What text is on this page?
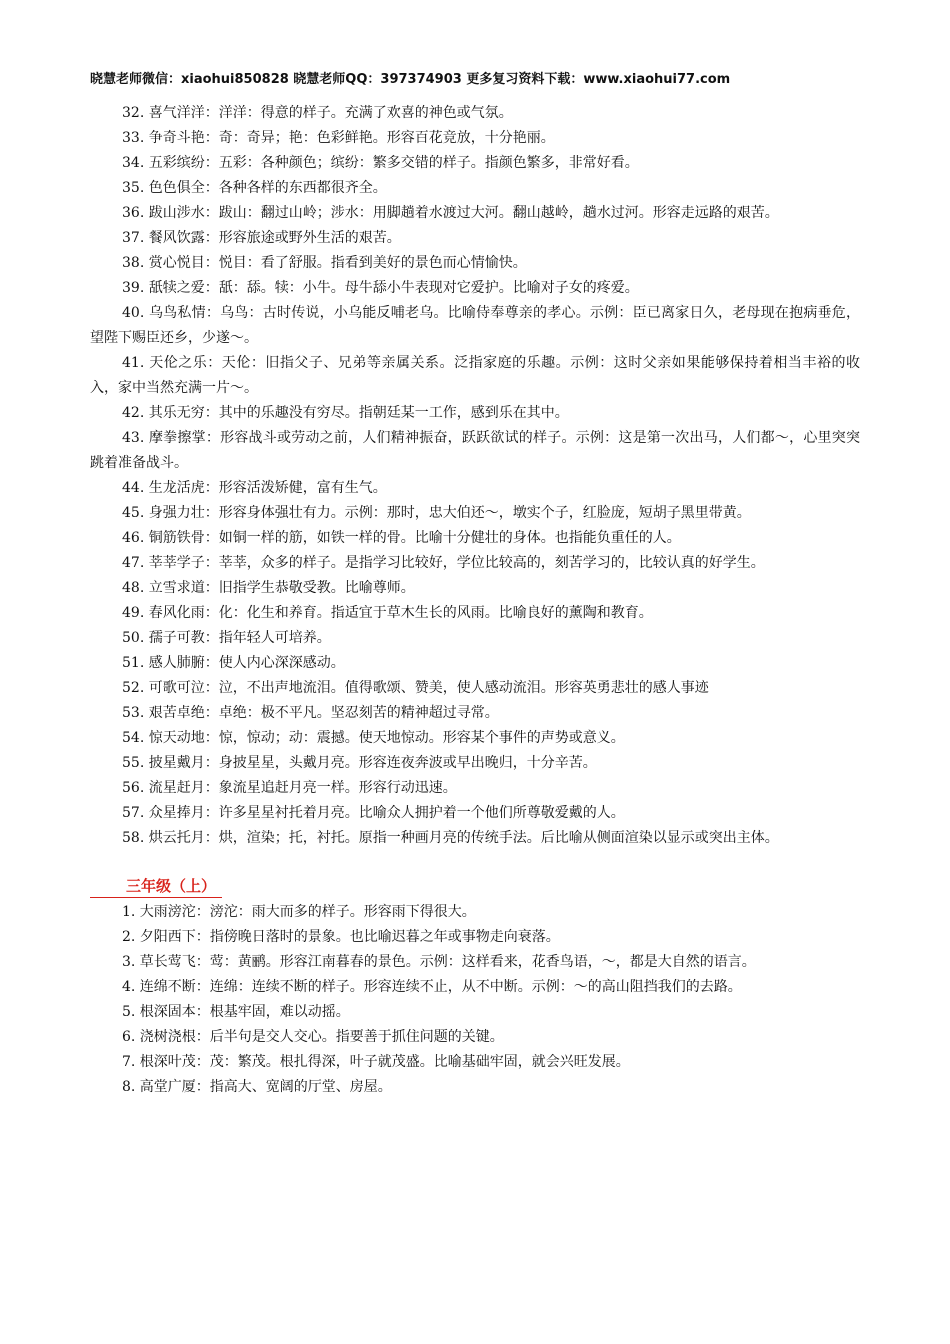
晓慧老师微信：xiaohui850828 晓慧老师QQ：397374903 更多复习资料下载：www.xiaohui77.com

32. 喜气洋洋：洋洋：得意的样子。充满了欢喜的神色或气氛。

33. 争奇斗艳：奇：奇异；艳：色彩鲜艳。形容百花竞放，十分艳丽。

34. 五彩缤纷：五彩：各种颜色；缤纷：繁多交错的样子。指颜色繁多，非常好看。

35. 色色俱全：各种各样的东西都很齐全。

36. 跋山涉水：跋山：翻过山岭；涉水：用脚趟着水渡过大河。翻山越岭，趟水过河。形容走远路的艰苦。

37. 餐风饮露：形容旅途或野外生活的艰苦。

38. 赏心悦目：悦目：看了舒服。指看到美好的景色而心情愉快。

39. 舐犊之爱：舐：舔。犊：小牛。母牛舔小牛表现对它爱护。比喻对子女的疼爱。

40. 乌鸟私情：乌鸟：古时传说，小乌能反哺老乌。比喻侍奉尊亲的孝心。示例：臣已离家日久，老母现在抱病垂危，望陛下赐臣还乡，少遂～。

41. 天伦之乐：天伦：旧指父子、兄弟等亲属关系。泛指家庭的乐趣。示例：这时父亲如果能够保持着相当丰裕的收入，家中当然充满一片～。

42. 其乐无穷：其中的乐趣没有穷尽。指朝廷某一工作，感到乐在其中。

43. 摩拳擦掌：形容战斗或劳动之前，人们精神振奋，跃跃欲试的样子。示例：这是第一次出马，人们都～，心里突突跳着准备战斗。

44. 生龙活虎：形容活泼矫健，富有生气。

45. 身强力壮：形容身体强壮有力。示例：那时，忠大伯还～，墩实个子，红脸庞，短胡子黑里带黄。

46. 铜筋铁骨：如铜一样的筋，如铁一样的骨。比喻十分健壮的身体。也指能负重任的人。

47. 莘莘学子：莘莘，众多的样子。是指学习比较好，学位比较高的，刻苦学习的，比较认真的好学生。

48. 立雪求道：旧指学生恭敬受教。比喻尊师。

49. 春风化雨：化：化生和养育。指适宜于草木生长的风雨。比喻良好的薰陶和教育。

50. 孺子可教：指年轻人可培养。

51. 感人肺腑：使人内心深深感动。

52. 可歌可泣：泣，不出声地流泪。值得歌颂、赞美，使人感动流泪。形容英勇悲壮的感人事迹

53. 艰苦卓绝：卓绝：极不平凡。坚忍刻苦的精神超过寻常。

54. 惊天动地：惊，惊动；动：震撼。使天地惊动。形容某个事件的声势或意义。

55. 披星戴月：身披星星，头戴月亮。形容连夜奔波或早出晚归，十分辛苦。

56. 流星赶月：象流星追赶月亮一样。形容行动迅速。

57. 众星捧月：许多星星衬托着月亮。比喻众人拥护着一个他们所尊敬爱戴的人。

58. 烘云托月：烘，渲染；托，衬托。原指一种画月亮的传统手法。后比喻从侧面渲染以显示或突出主体。

三年级（上）

1. 大雨滂沱：滂沱：雨大而多的样子。形容雨下得很大。

2. 夕阳西下：指傍晚日落时的景象。也比喻迟暮之年或事物走向衰落。

3. 草长莺飞：莺：黄鹂。形容江南暮春的景色。示例：这样看来，花香鸟语，～，都是大自然的语言。

4. 连绵不断：连绵：连续不断的样子。形容连续不止，从不中断。示例：～的高山阻挡我们的去路。

5. 根深固本：根基牢固，难以动摇。

6. 浇树浇根：后半句是交人交心。指要善于抓住问题的关键。

7. 根深叶茂：茂：繁茂。根扎得深，叶子就茂盛。比喻基础牢固，就会兴旺发展。

8. 高堂广厦：指高大、宽阔的厅堂、房屋。
